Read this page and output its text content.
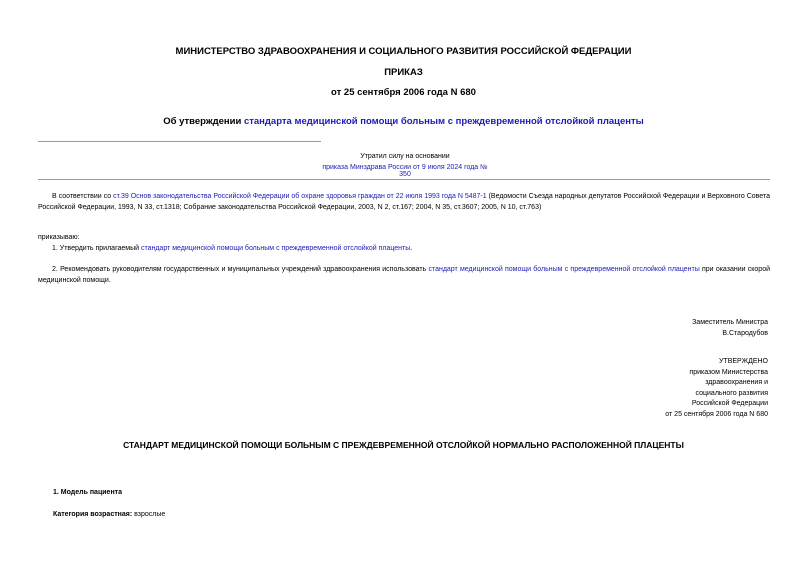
МИНИСТЕРСТВО ЗДРАВООХРАНЕНИЯ И СОЦИАЛЬНОГО РАЗВИТИЯ РОССИЙСКОЙ ФЕДЕРАЦИИ
ПРИКАЗ
от 25 сентября 2006 года N 680
Об утверждении стандарта медицинской помощи больным с преждевременной отслойкой плаценты
Утратил силу на основании
приказа Минздрава России от 9 июля 2024 года № 350
В соответствии со ст.39 Основ законодательства Российской Федерации об охране здоровья граждан от 22 июля 1993 года N 5487-1 (Ведомости Съезда народных депутатов Российской Федерации и Верховного Совета Российской Федерации, 1993, N 33, ст.1318; Собрание законодательства Российской Федерации, 2003, N 2, ст.167; 2004, N 35, ст.3607; 2005, N 10, ст.763)
приказываю:
1. Утвердить прилагаемый стандарт медицинской помощи больным с преждевременной отслойкой плаценты.
2. Рекомендовать руководителям государственных и муниципальных учреждений здравоохранения использовать стандарт медицинской помощи больным с преждевременной отслойкой плаценты при оказании скорой медицинской помощи.
Заместитель Министра
В.Стародубов
УТВЕРЖДЕНО
приказом Министерства
здравоохранения и
социального развития
Российской Федерации
от 25 сентября 2006 года N 680
СТАНДАРТ МЕДИЦИНСКОЙ ПОМОЩИ БОЛЬНЫМ С ПРЕЖДЕВРЕМЕННОЙ ОТСЛОЙКОЙ НОРМАЛЬНО РАСПОЛОЖЕННОЙ ПЛАЦЕНТЫ
1. Модель пациента
Категория возрастная: взрослые
